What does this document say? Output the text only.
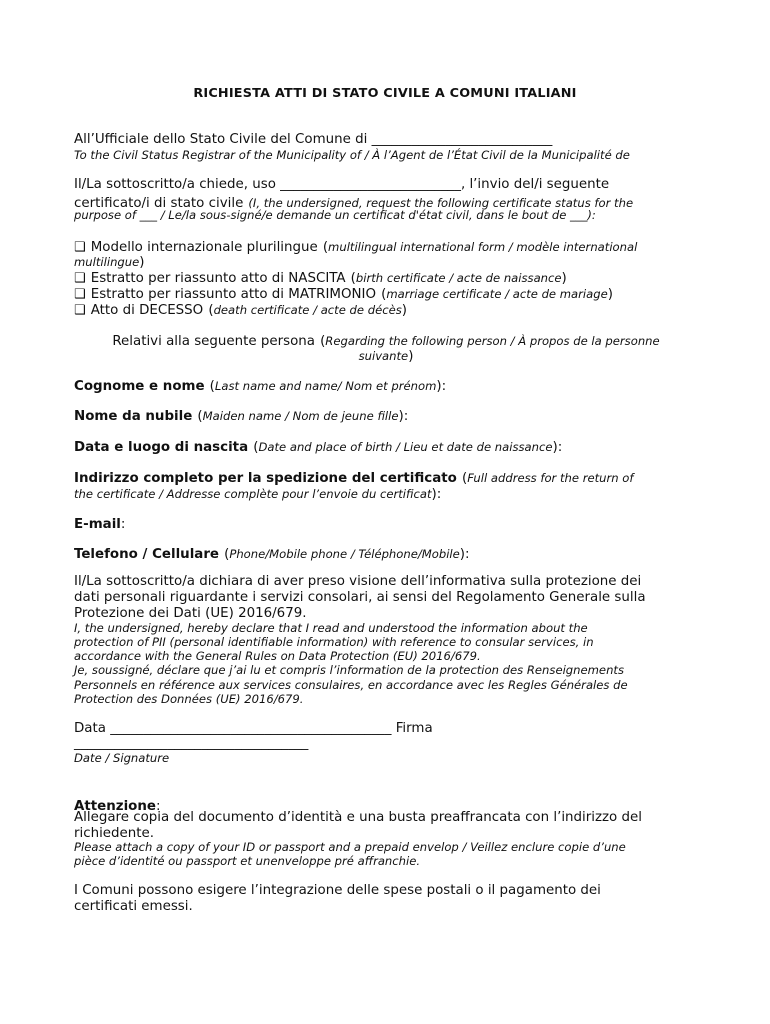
RICHIESTA ATTI DI STATO CIVILE A COMUNI ITALIANI
All’Ufficiale dello Stato Civile del Comune di ___________________________
To the Civil Status Registrar of the Municipality of / À l’Agent de l’État Civil de la Municipalité de
Il/La sottoscritto/a chiede, uso ___________________________, l’invio del/i seguente
certificato/i di stato civile (I, the undersigned, request the following certificate status for the
purpose of ___ / Le/la sous-signé/e demande un certificat d'état civil, dans le bout de ___):
❑ Modello internazionale plurilingue (multilingual international form / modèle international
multilingue)
❑ Estratto per riassunto atto di NASCITA (birth certificate / acte de naissance)
❑ Estratto per riassunto atto di MATRIMONIO (marriage certificate / acte de mariage)
❑ Atto di DECESSO (death certificate / acte de décès)
Relativi alla seguente persona (Regarding the following person / À propos de la personne
suivante)
Cognome e nome (Last name and name/ Nom et prénom):
Nome da nubile (Maiden name / Nom de jeune fille):
Data e luogo di nascita (Date and place of birth / Lieu et date de naissance):
Indirizzo completo per la spedizione del certificato (Full address for the return of
the certificate / Addresse complète pour l’envoie du certificat):
E-mail:
Telefono / Cellulare (Phone/Mobile phone / Téléphone/Mobile):
Il/La sottoscritto/a dichiara di aver preso visione dell’informativa sulla protezione dei
dati personali riguardante i servizi consolari, ai sensi del Regolamento Generale sulla
Protezione dei Dati (UE) 2016/679.
I, the undersigned, hereby declare that I read and understood the information about the
protection of PII (personal identifiable information) with reference to consular services, in
accordance with the General Rules on Data Protection (EU) 2016/679.
Je, soussigné, déclare que j’ai lu et compris l’information de la protection des Renseignements
Personnels en référence aux services consulaires, en accordance avec les Regles Générales de
Protection des Données (UE) 2016/679.
Data __________________________________________ Firma
___________________________________
Date / Signature
Attenzione:
Allegare copia del documento d’identità e una busta preaffrancata con l’indirizzo del
richiedente.
Please attach a copy of your ID or passport and a prepaid envelop / Veillez enclure copie d’une
pièce d’identité ou passport et unenveloppe pré affranchie.
I Comuni possono esigere l’integrazione delle spese postali o il pagamento dei
certificati emessi.
